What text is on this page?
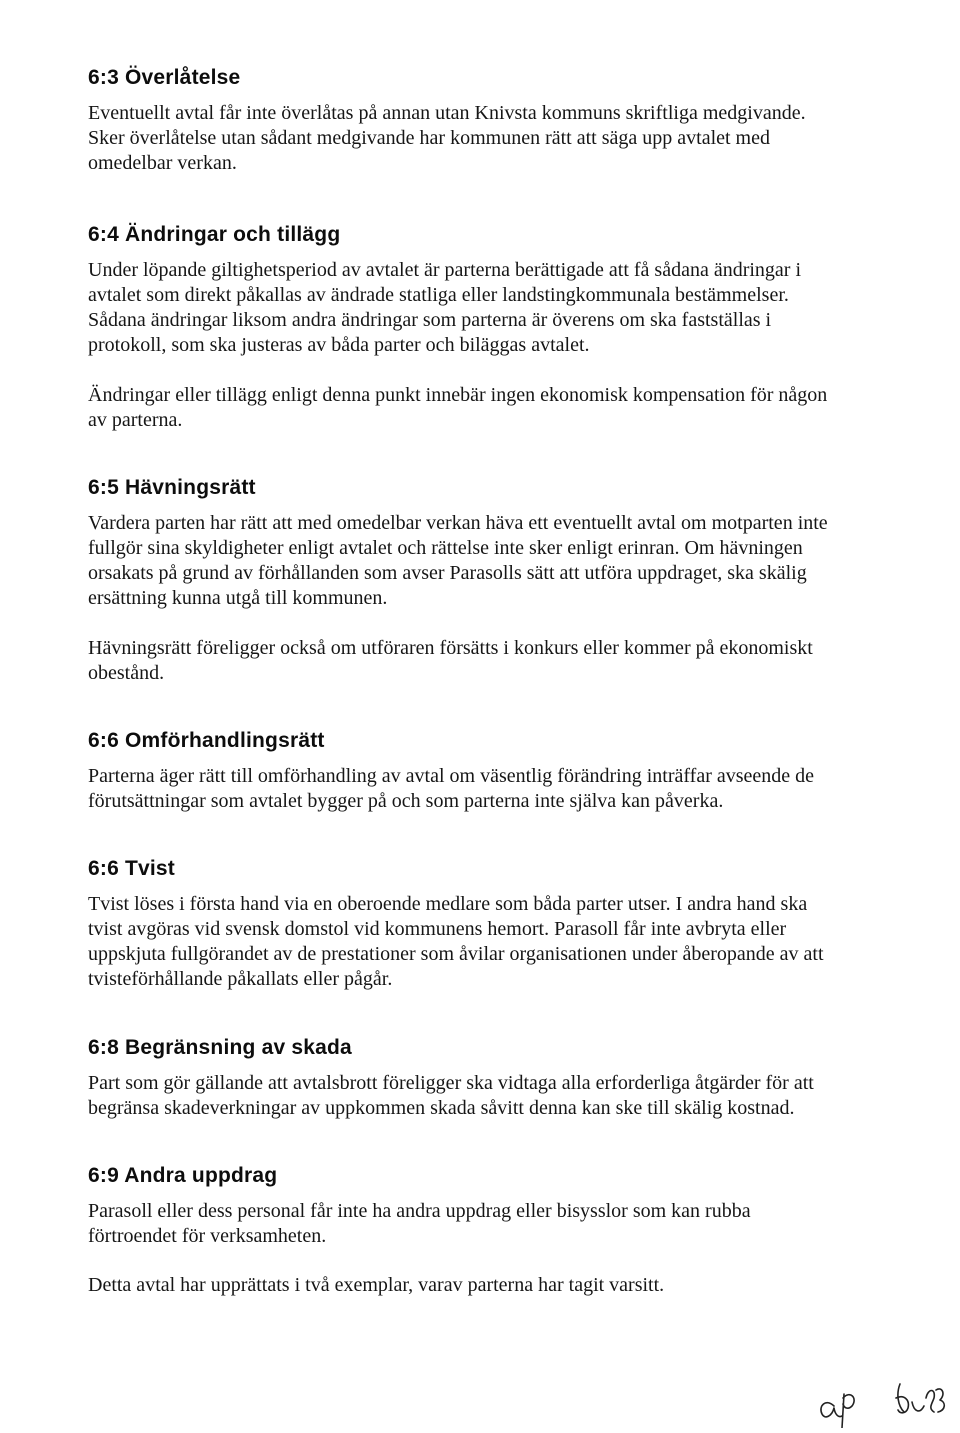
6:3 Överlåtelse

Eventuellt avtal får inte överlåtas på annan utan Knivsta kommuns skriftliga medgivande.
Sker överlåtelse utan sådant medgivande har kommunen rätt att säga upp avtalet med
omedelbar verkan.

6:4 Ändringar och tillägg

Under löpande giltighetsperiod av avtalet är parterna berättigade att få sådana ändringar i
avtalet som direkt påkallas av ändrade statliga eller landstingkommunala bestämmelser.
Sådana ändringar liksom andra ändringar som parterna är överens om ska fastställas i
protokoll, som ska justeras av båda parter och biläggas avtalet.

Ändringar eller tillägg enligt denna punkt innebär ingen ekonomisk kompensation för någon
av parterna.

6:5 Hävningsrätt

Vardera parten har rätt att med omedelbar verkan häva ett eventuellt avtal om motparten inte
fullgör sina skyldigheter enligt avtalet och rättelse inte sker enligt erinran. Om hävningen
orsakats på grund av förhållanden som avser Parasolls sätt att utföra uppdraget, ska skälig
ersättning kunna utgå till kommunen.

Hävningsrätt föreligger också om utföraren försätts i konkurs eller kommer på ekonomiskt
obestånd.

6:6 Omförhandlingsrätt

Parterna äger rätt till omförhandling av avtal om väsentlig förändring inträffar avseende de
förutsättningar som avtalet bygger på och som parterna inte själva kan påverka.

6:6 Tvist

Tvist löses i första hand via en oberoende medlare som båda parter utser. I andra hand ska
tvist avgöras vid svensk domstol vid kommunens hemort. Parasoll får inte avbryta eller
uppskjuta fullgörandet av de prestationer som åvilar organisationen under åberopande av att
tvisteförhållande påkallats eller pågår.

6:8 Begränsning av skada

Part som gör gällande att avtalsbrott föreligger ska vidtaga alla erforderliga åtgärder för att
begränsa skadeverkningar av uppkommen skada såvitt denna kan ske till skälig kostnad.

6:9 Andra uppdrag

Parasoll eller dess personal får inte ha andra uppdrag eller bisysslor som kan rubba
förtroendet för verksamheten.

Detta avtal har upprättats i två exemplar, varav parterna har tagit varsitt.
